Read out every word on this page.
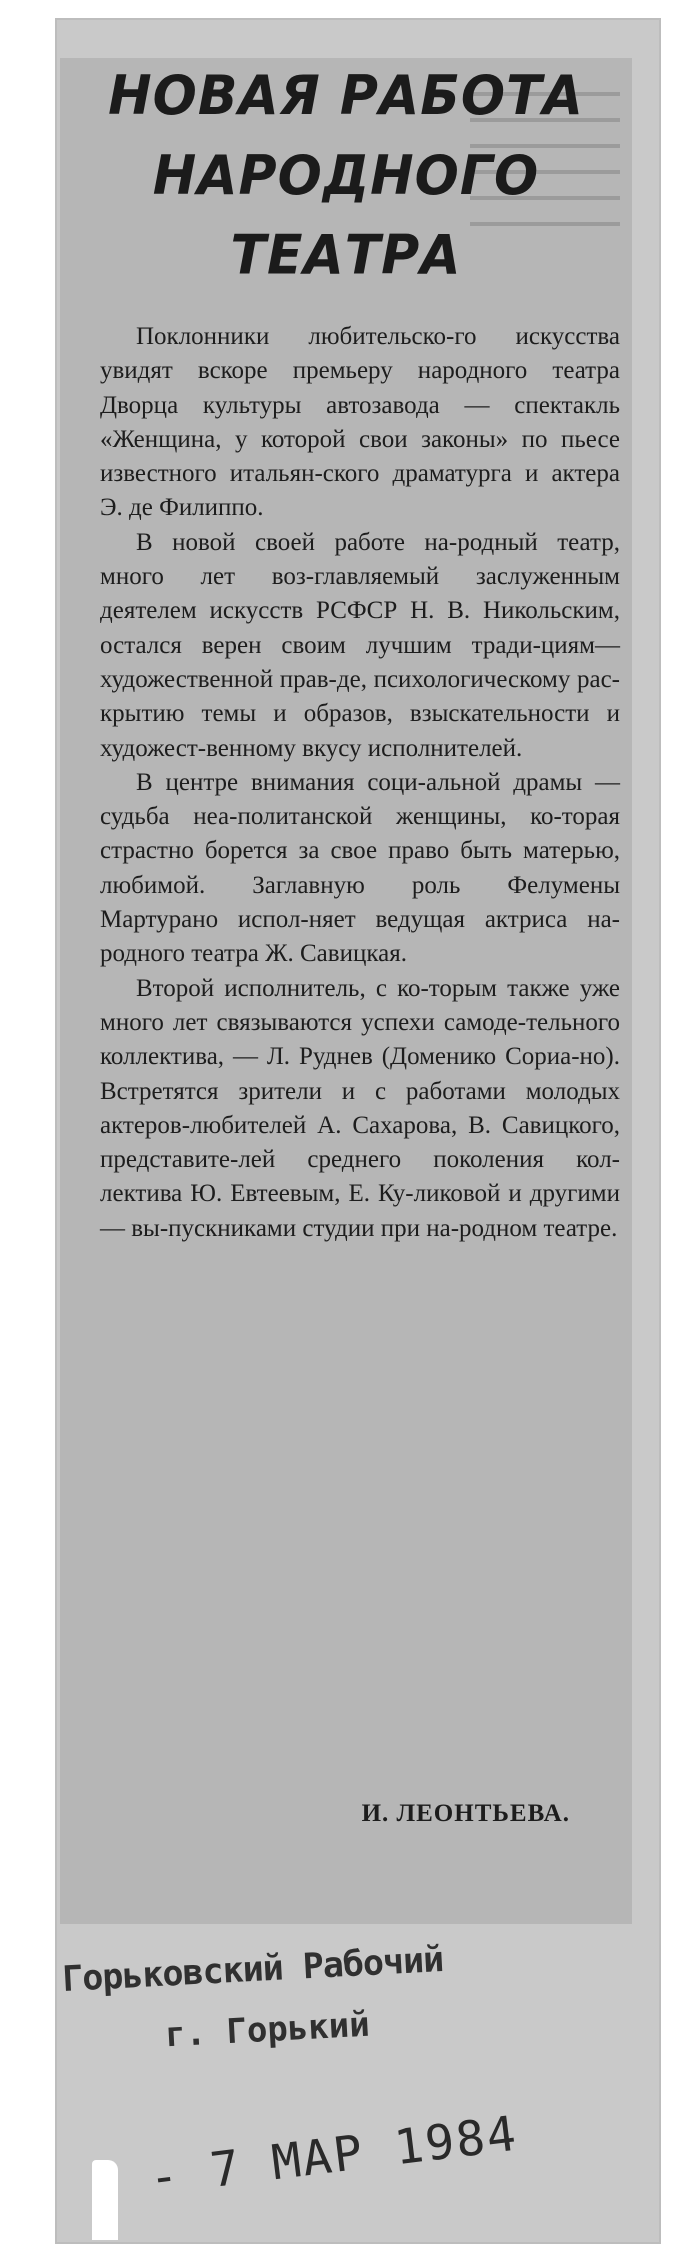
НОВАЯ РАБОТА
НАРОДНОГО
ТЕАТРА

Поклонники любительско-го искусства увидят вскоре премьеру народного театра Дворца культуры автозавода — спектакль «Женщина, у которой свои законы» по пьесе известного итальян-ского драматурга и актера Э. де Филиппо.

В новой своей работе на-родный театр, много лет воз-главляемый заслуженным деятелем искусств РСФСР Н. В. Никольским, остался верен своим лучшим тради-циям—художественной прав-де, психологическому рас-крытию темы и образов, взыскательности и художест-венному вкусу исполнителей.

В центре внимания соци-альной драмы — судьба неа-политанской женщины, ко-торая страстно борется за свое право быть матерью, любимой. Заглавную роль Фелумены Мартурано испол-няет ведущая актриса на-родного театра Ж. Савицкая.

Второй исполнитель, с ко-торым также уже много лет связываются успехи самоде-тельного коллектива, — Л. Руднев (Доменико Сориа-но). Встретятся зрители и с работами молодых актеров-любителей А. Сахарова, В. Савицкого, представите-лей среднего поколения кол-лектива Ю. Евтеевым, Е. Ку-ликовой и другими — вы-пускниками студии при на-родном театре.

И. ЛЕОНТЬЕВА.
Горьковский Рабочий
г. Горький
- 7 МАР 1984
